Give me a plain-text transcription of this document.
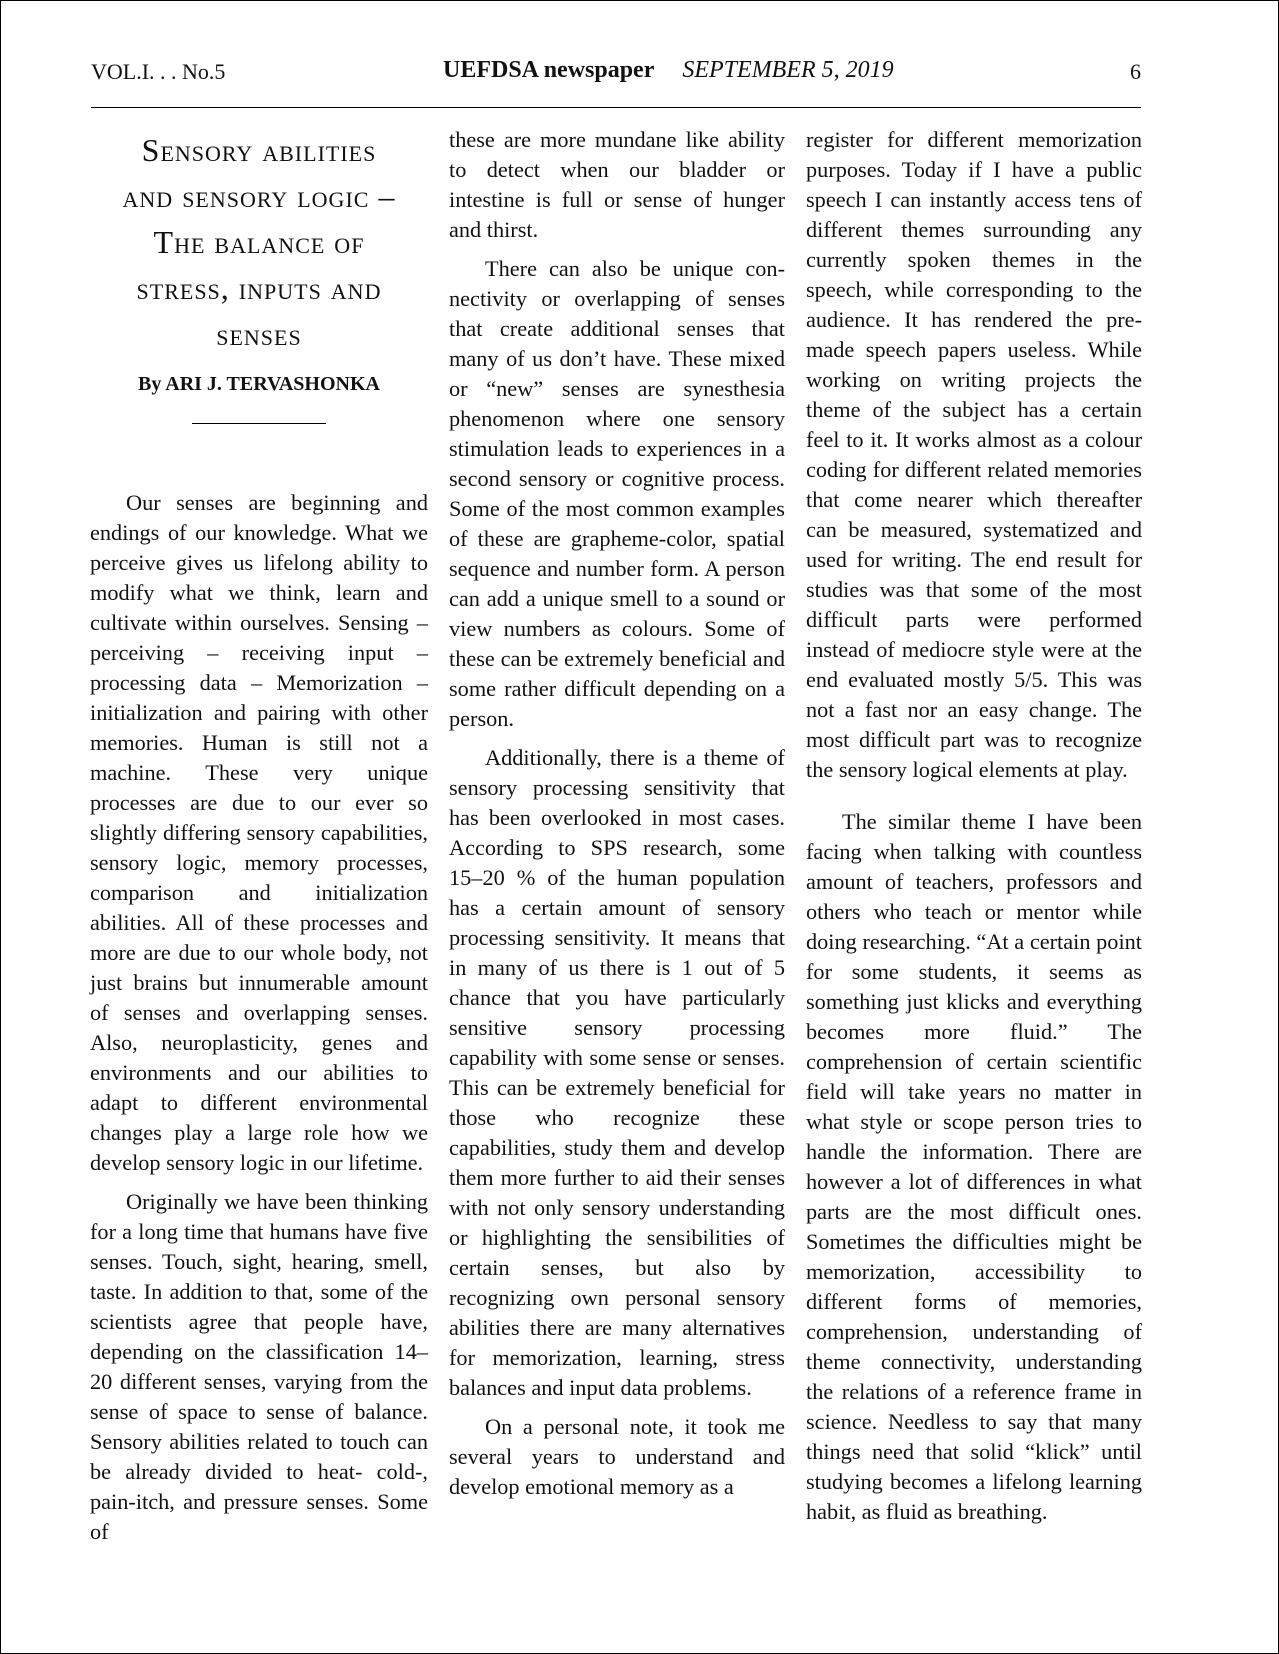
VOL.I. . . No.5	UEFDSA newspaper SEPTEMBER 5, 2019	6
Sensory abilities
and sensory logic –
The balance of
stress, inputs and
senses
By ARI J. TERVASHONKA

Our senses are beginning and endings of our knowledge. What we perceive gives us lifelong ability to modify what we think, learn and cultivate within ourselves. Sensing – perceiving – receiving input – processing data – Memorization – initialization and pairing with other memories. Human is still not a machine. These very unique processes are due to our ever so slightly differing sensory capabilities, sensory logic, memory processes, comparison and initialization abilities. All of these processes and more are due to our whole body, not just brains but innumerable amount of senses and overlapping senses. Also, neuroplasticity, genes and environments and our abilities to adapt to different environmental changes play a large role how we develop sensory logic in our lifetime.

Originally we have been thinking for a long time that humans have five senses. Touch, sight, hearing, smell, taste. In addition to that, some of the scientists agree that people have, depending on the classification 14–20 different senses, varying from the sense of space to sense of balance. Sensory abilities related to touch can be already divided to heat- cold-, pain-itch, and pressure senses. Some of

these are more mundane like ability to detect when our bladder or intestine is full or sense of hunger and thirst.

There can also be unique connectivity or overlapping of senses that create additional senses that many of us don’t have. These mixed or “new” senses are synesthesia phenomenon where one sensory stimulation leads to experiences in a second sensory or cognitive process. Some of the most common examples of these are grapheme-color, spatial sequence and number form. A person can add a unique smell to a sound or view numbers as colours. Some of these can be extremely beneficial and some rather difficult depending on a person.

Additionally, there is a theme of sensory processing sensitivity that has been overlooked in most cases. According to SPS research, some 15–20 % of the human population has a certain amount of sensory processing sensitivity. It means that in many of us there is 1 out of 5 chance that you have particularly sensitive sensory processing capability with some sense or senses. This can be extremely beneficial for those who recognize these capabilities, study them and develop them more further to aid their senses with not only sensory understanding or highlighting the sensibilities of certain senses, but also by recognizing own personal sensory abilities there are many alternatives for memorization, learning, stress balances and input data problems.

On a personal note, it took me several years to understand and develop emotional memory as a

register for different memorization purposes. Today if I have a public speech I can instantly access tens of different themes surrounding any currently spoken themes in the speech, while corresponding to the audience. It has rendered the pre-made speech papers useless. While working on writing projects the theme of the subject has a certain feel to it. It works almost as a colour coding for different related memories that come nearer which thereafter can be measured, systematized and used for writing. The end result for studies was that some of the most difficult parts were performed instead of mediocre style were at the end evaluated mostly 5/5. This was not a fast nor an easy change. The most difficult part was to recognize the sensory logical elements at play.

The similar theme I have been facing when talking with countless amount of teachers, professors and others who teach or mentor while doing researching. “At a certain point for some students, it seems as something just klicks and everything becomes more fluid.” The comprehension of certain scientific field will take years no matter in what style or scope person tries to handle the information. There are however a lot of differences in what parts are the most difficult ones. Sometimes the difficulties might be memorization, accessibility to different forms of memories, comprehension, understanding of theme connectivity, understanding the relations of a reference frame in science. Needless to say that many things need that solid “klick” until studying becomes a lifelong learning habit, as fluid as breathing.
